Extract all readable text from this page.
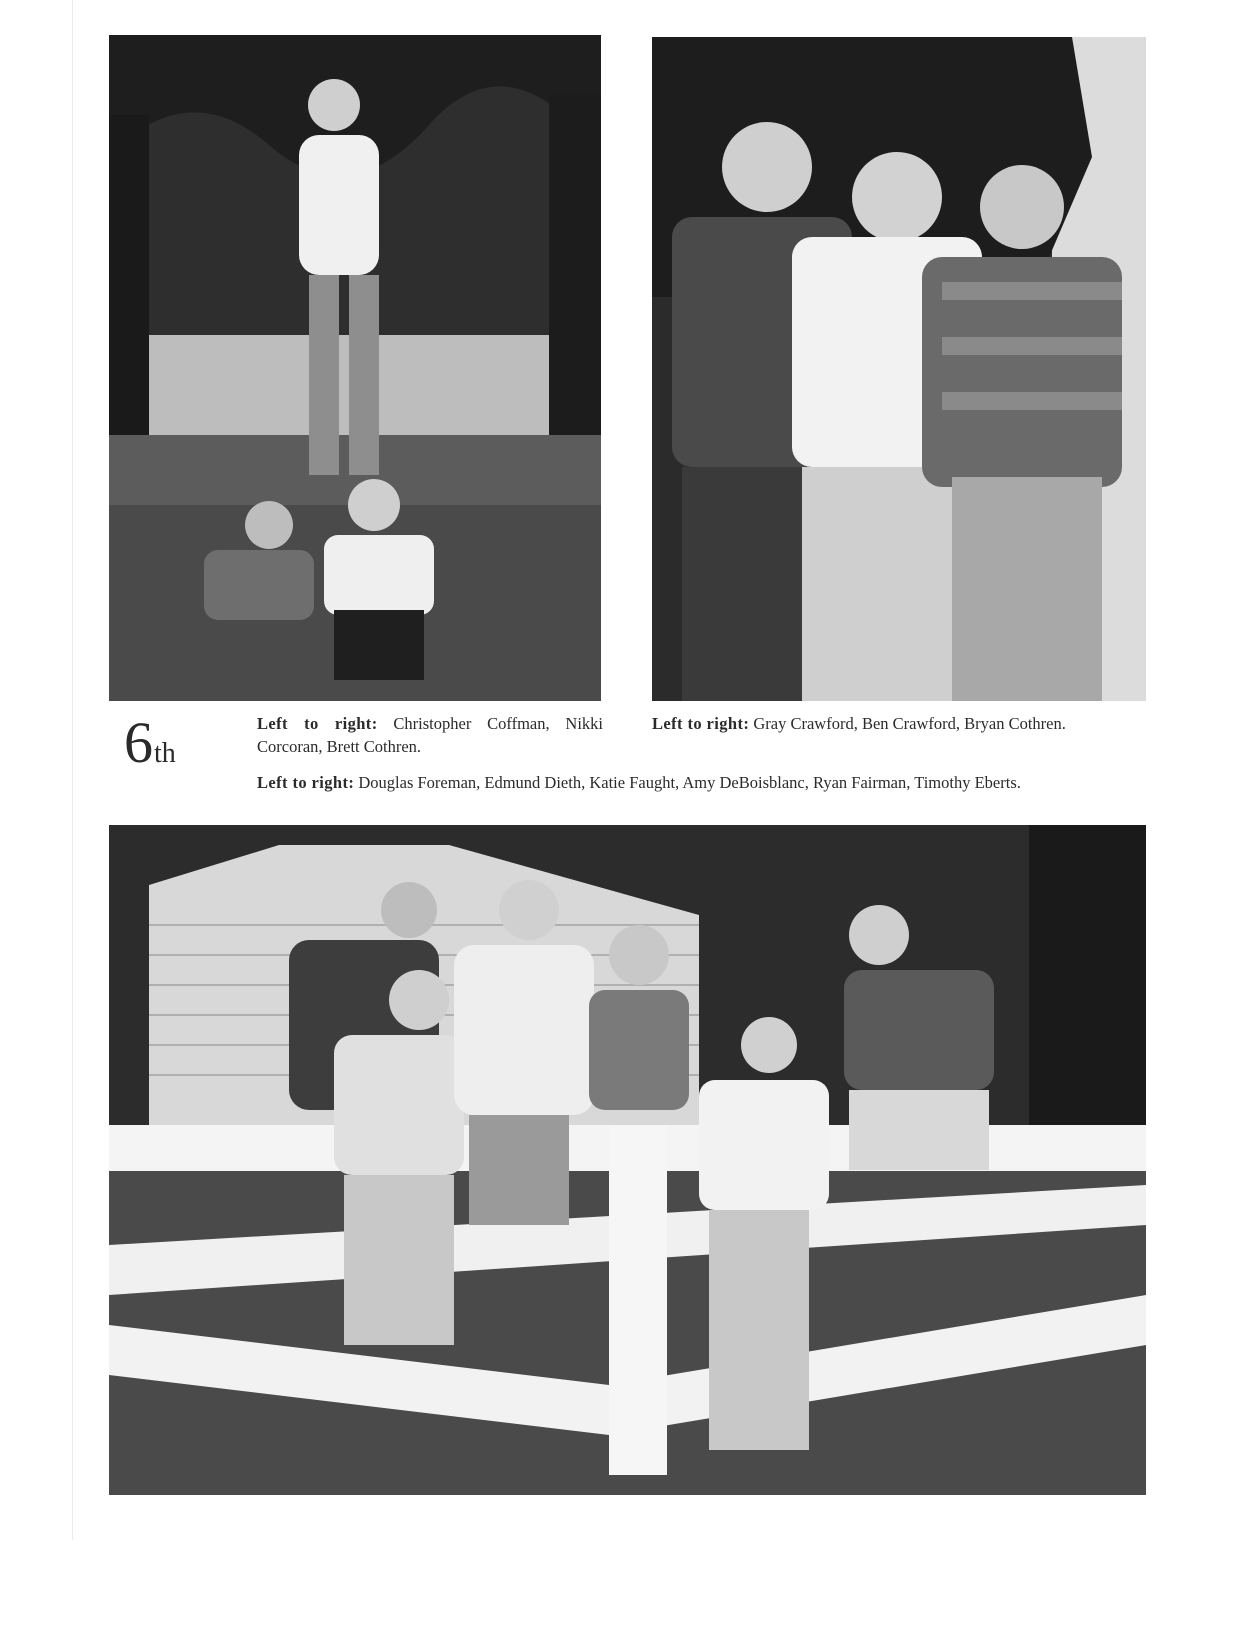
6th
Left to right: Christopher Coffman, Nikki Corcoran, Brett Cothren.
Left to right: Gray Crawford, Ben Crawford, Bryan Cothren.
Left to right: Douglas Foreman, Edmund Dieth, Katie Faught, Amy DeBoisblanc, Ryan Fairman, Timothy Eberts.
